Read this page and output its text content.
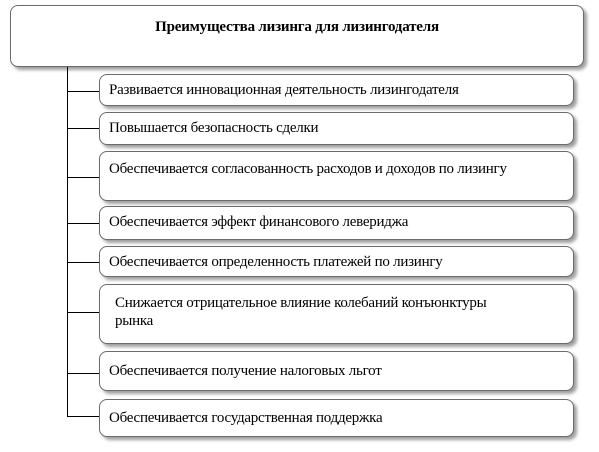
Преимущества лизинга для лизингодателя
Развивается инновационная деятельность лизингодателя
Повышается безопасность сделки
Обеспечивается согласованность расходов и доходов по лизингу
Обеспечивается эффект финансового левериджа
Обеспечивается определенность платежей по лизингу
Снижается отрицательное влияние колебаний конъюнктуры
рынка
Обеспечивается получение налоговых льгот
Обеспечивается государственная поддержка
